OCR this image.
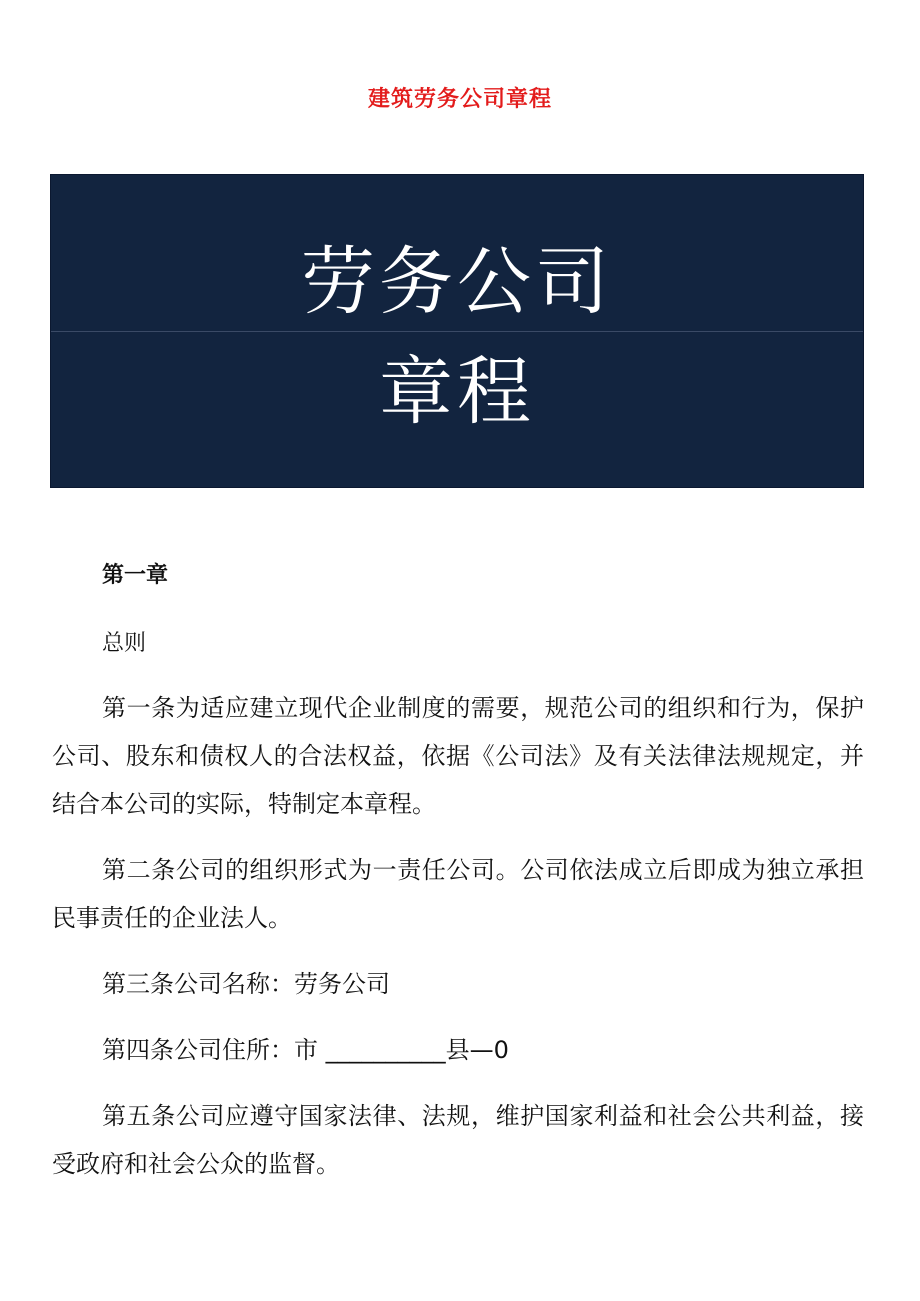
建筑劳务公司章程
劳务公司
章程
第一章
总则

第一条为适应建立现代企业制度的需要，规范公司的组织和行为，保护公司、股东和债权人的合法权益，依据《公司法》及有关法律法规规定，并结合本公司的实际，特制定本章程。

第二条公司的组织形式为一责任公司。公司依法成立后即成为独立承担民事责任的企业法人。

第三条公司名称：劳务公司

第四条公司住所：市 __________县—0

第五条公司应遵守国家法律、法规，维护国家利益和社会公共利益，接受政府和社会公众的监督。
